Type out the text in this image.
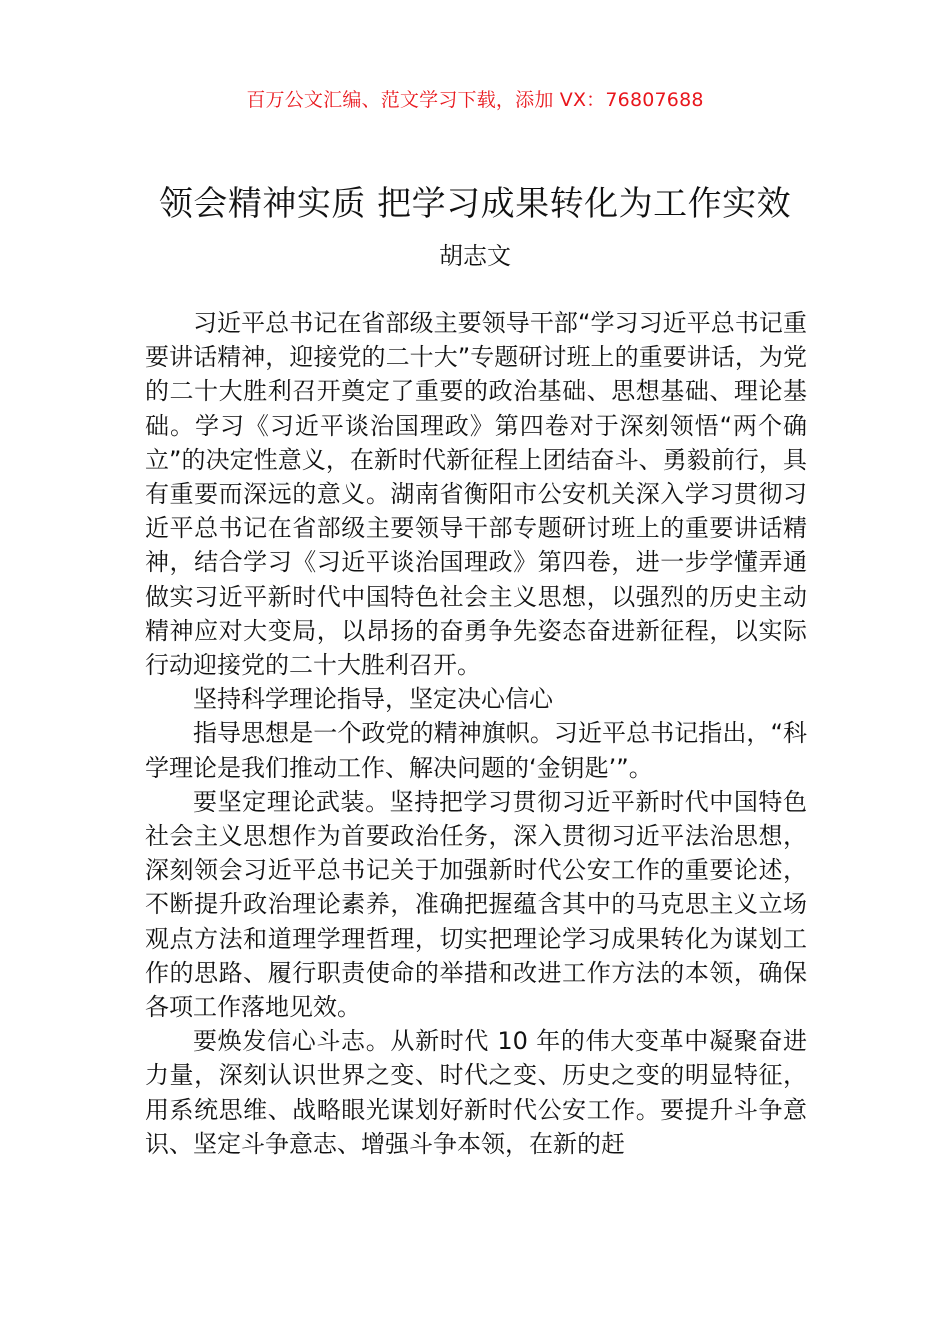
百万公文汇编、范文学习下载，添加 VX：76807688
领会精神实质 把学习成果转化为工作实效
胡志文

习近平总书记在省部级主要领导干部“学习习近平总书记重要讲话精神，迎接党的二十大”专题研讨班上的重要讲话，为党的二十大胜利召开奠定了重要的政治基础、思想基础、理论基础。学习《习近平谈治国理政》第四卷对于深刻领悟“两个确立”的决定性意义，在新时代新征程上团结奋斗、勇毅前行，具有重要而深远的意义。湖南省衡阳市公安机关深入学习贯彻习近平总书记在省部级主要领导干部专题研讨班上的重要讲话精神，结合学习《习近平谈治国理政》第四卷，进一步学懂弄通做实习近平新时代中国特色社会主义思想，以强烈的历史主动精神应对大变局，以昂扬的奋勇争先姿态奋进新征程，以实际行动迎接党的二十大胜利召开。

坚持科学理论指导，坚定决心信心

指导思想是一个政党的精神旗帜。习近平总书记指出，“科学理论是我们推动工作、解决问题的‘金钥匙’”。

要坚定理论武装。坚持把学习贯彻习近平新时代中国特色社会主义思想作为首要政治任务，深入贯彻习近平法治思想，深刻领会习近平总书记关于加强新时代公安工作的重要论述，不断提升政治理论素养，准确把握蕴含其中的马克思主义立场观点方法和道理学理哲理，切实把理论学习成果转化为谋划工作的思路、履行职责使命的举措和改进工作方法的本领，确保各项工作落地见效。

要焕发信心斗志。从新时代 10 年的伟大变革中凝聚奋进力量，深刻认识世界之变、时代之变、历史之变的明显特征，用系统思维、战略眼光谋划好新时代公安工作。要提升斗争意识、坚定斗争意志、增强斗争本领，在新的赶
